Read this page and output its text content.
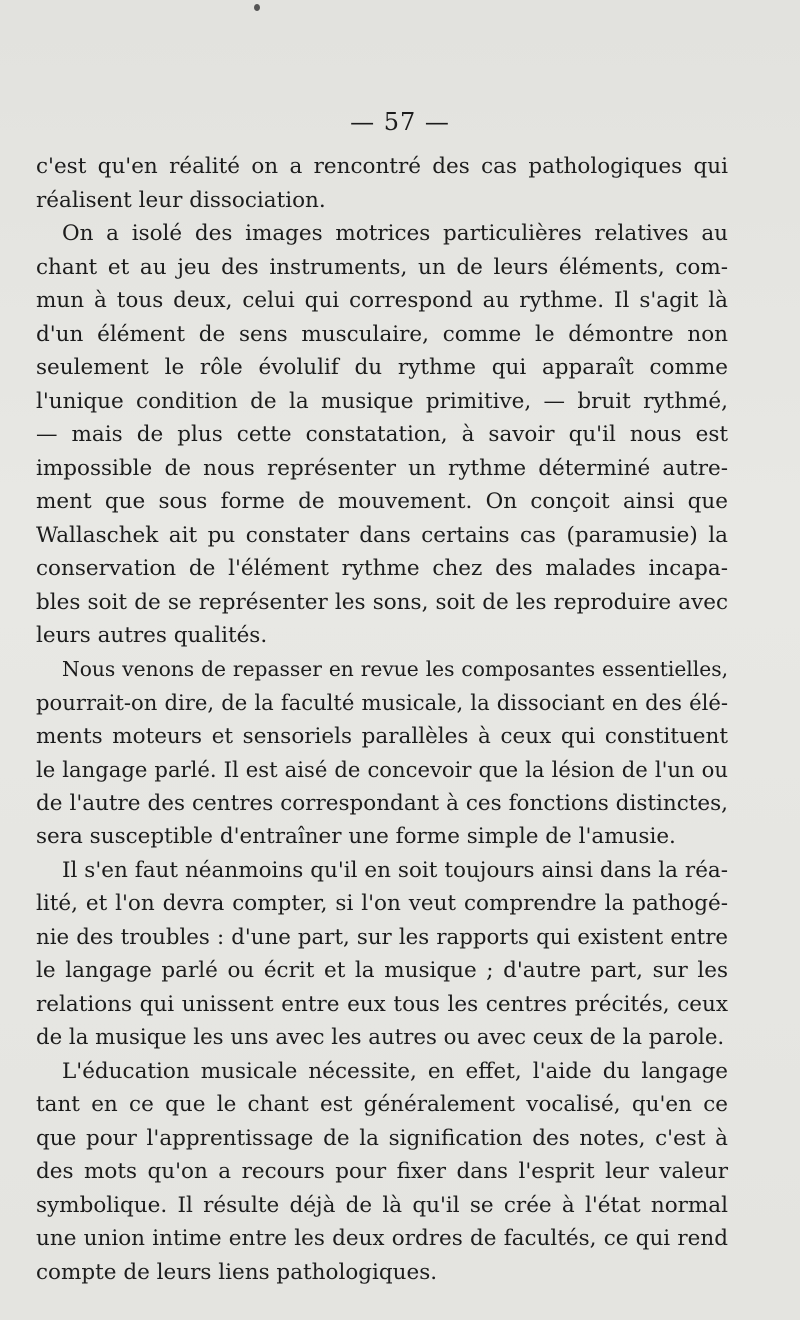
— 57 —
c'est qu'en réalité on a rencontré des cas pathologiques qui
réalisent leur dissociation.
On a isolé des images motrices particulières relatives au
chant et au jeu des instruments, un de leurs éléments, com-
mun à tous deux, celui qui correspond au rythme. Il s'agit là
d'un élément de sens musculaire, comme le démontre non
seulement le rôle évolulif du rythme qui apparaît comme
l'unique condition de la musique primitive, — bruit rythmé,
— mais de plus cette constatation, à savoir qu'il nous est
impossible de nous représenter un rythme déterminé autre-
ment que sous forme de mouvement. On conçoit ainsi que
Wallaschek ait pu constater dans certains cas (paramusie) la
conservation de l'élément rythme chez des malades incapa-
bles soit de se représenter les sons, soit de les reproduire avec
leurs autres qualités.
Nous venons de repasser en revue les composantes essentielles,
pourrait-on dire, de la faculté musicale, la dissociant en des élé-
ments moteurs et sensoriels parallèles à ceux qui constituent
le langage parlé. Il est aisé de concevoir que la lésion de l'un ou
de l'autre des centres correspondant à ces fonctions distinctes,
sera susceptible d'entraîner une forme simple de l'amusie.
Il s'en faut néanmoins qu'il en soit toujours ainsi dans la réa-
lité, et l'on devra compter, si l'on veut comprendre la pathogé-
nie des troubles : d'une part, sur les rapports qui existent entre
le langage parlé ou écrit et la musique ; d'autre part, sur les
relations qui unissent entre eux tous les centres précités, ceux
de la musique les uns avec les autres ou avec ceux de la parole.
L'éducation musicale nécessite, en effet, l'aide du langage
tant en ce que le chant est généralement vocalisé, qu'en ce
que pour l'apprentissage de la signification des notes, c'est à
des mots qu'on a recours pour fixer dans l'esprit leur valeur
symbolique. Il résulte déjà de là qu'il se crée à l'état normal
une union intime entre les deux ordres de facultés, ce qui rend
compte de leurs liens pathologiques.
